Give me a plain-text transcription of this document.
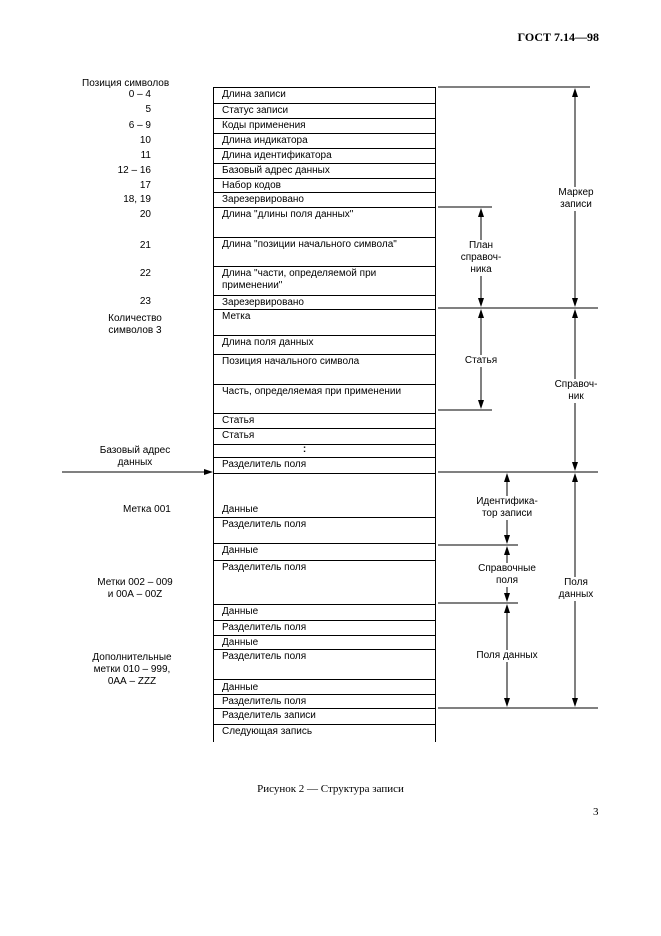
ГОСТ 7.14—98
Позиция символов
0 – 4
5
6 – 9
10
11
12 – 16
17
18, 19
20
21
22
23
Количество
символов 3
Базовый адрес
данных
Метка 001
Метки 002 – 009
и 00А – 00Z
Дополнительные
метки 010 – 999,
0АА – ZZZ
Длина записи
Статус записи
Коды применения
Длина индикатора
Длина идентификатора
Базовый адрес данных
Набор кодов
Зарезервировано
Длина "длины поля данных"
Длина "позиции начального символа"
Длина "части, определяемой при применении"
Зарезервировано
Метка
Длина поля данных
Позиция начального символа
Часть, определяемая при применении
Статья
Статья
:
Разделитель поля
Данные
Разделитель поля
Данные
Разделитель поля
Данные
Разделитель поля
Данные
Разделитель поля
Данные
Разделитель поля
Разделитель записи
Следующая запись
Маркер
записи
План
справоч-
ника
Статья
Справоч-
ник
Идентифика-
тор записи
Справочные
поля
Поля данных
Поля
данных
Рисунок 2 — Структура записи
3
